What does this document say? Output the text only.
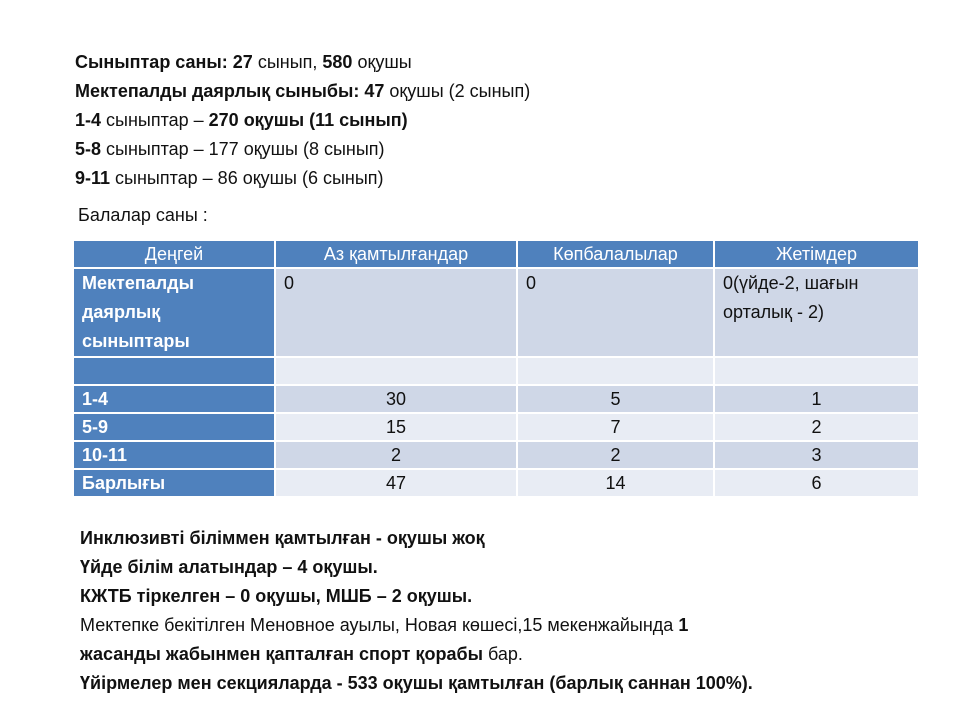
Сыныптар саны: 27 сынып, 580 оқушы
Мектепалды даярлық сыныбы: 47 оқушы (2 сынып)
1-4 сыныптар – 270 оқушы (11 сынып)
5-8 сыныптар – 177 оқушы (8 сынып)
9-11 сыныптар – 86 оқушы (6 сынып)
Балалар саны :
Деңгей	Аз қамтылғандар	Көпбалалылар	Жетімдер
Мектепалды даярлық сыныптары	0	0	0(үйде-2, шағын орталық - 2)

1-4	30	5	1
5-9	15	7	2
10-11	2	2	3
Барлығы	47	14	6
Инклюзивті біліммен қамтылған - оқушы жоқ
Үйде білім алатындар – 4 оқушы.
КЖТБ тіркелген – 0 оқушы, МШБ – 2 оқушы.
Мектепке бекітілген Меновное ауылы, Новая көшесі,15 мекенжайында 1
жасанды жабынмен қапталған спорт қорабы бар.
Үйірмелер мен секцияларда - 533 оқушы қамтылған (барлық саннан 100%).
